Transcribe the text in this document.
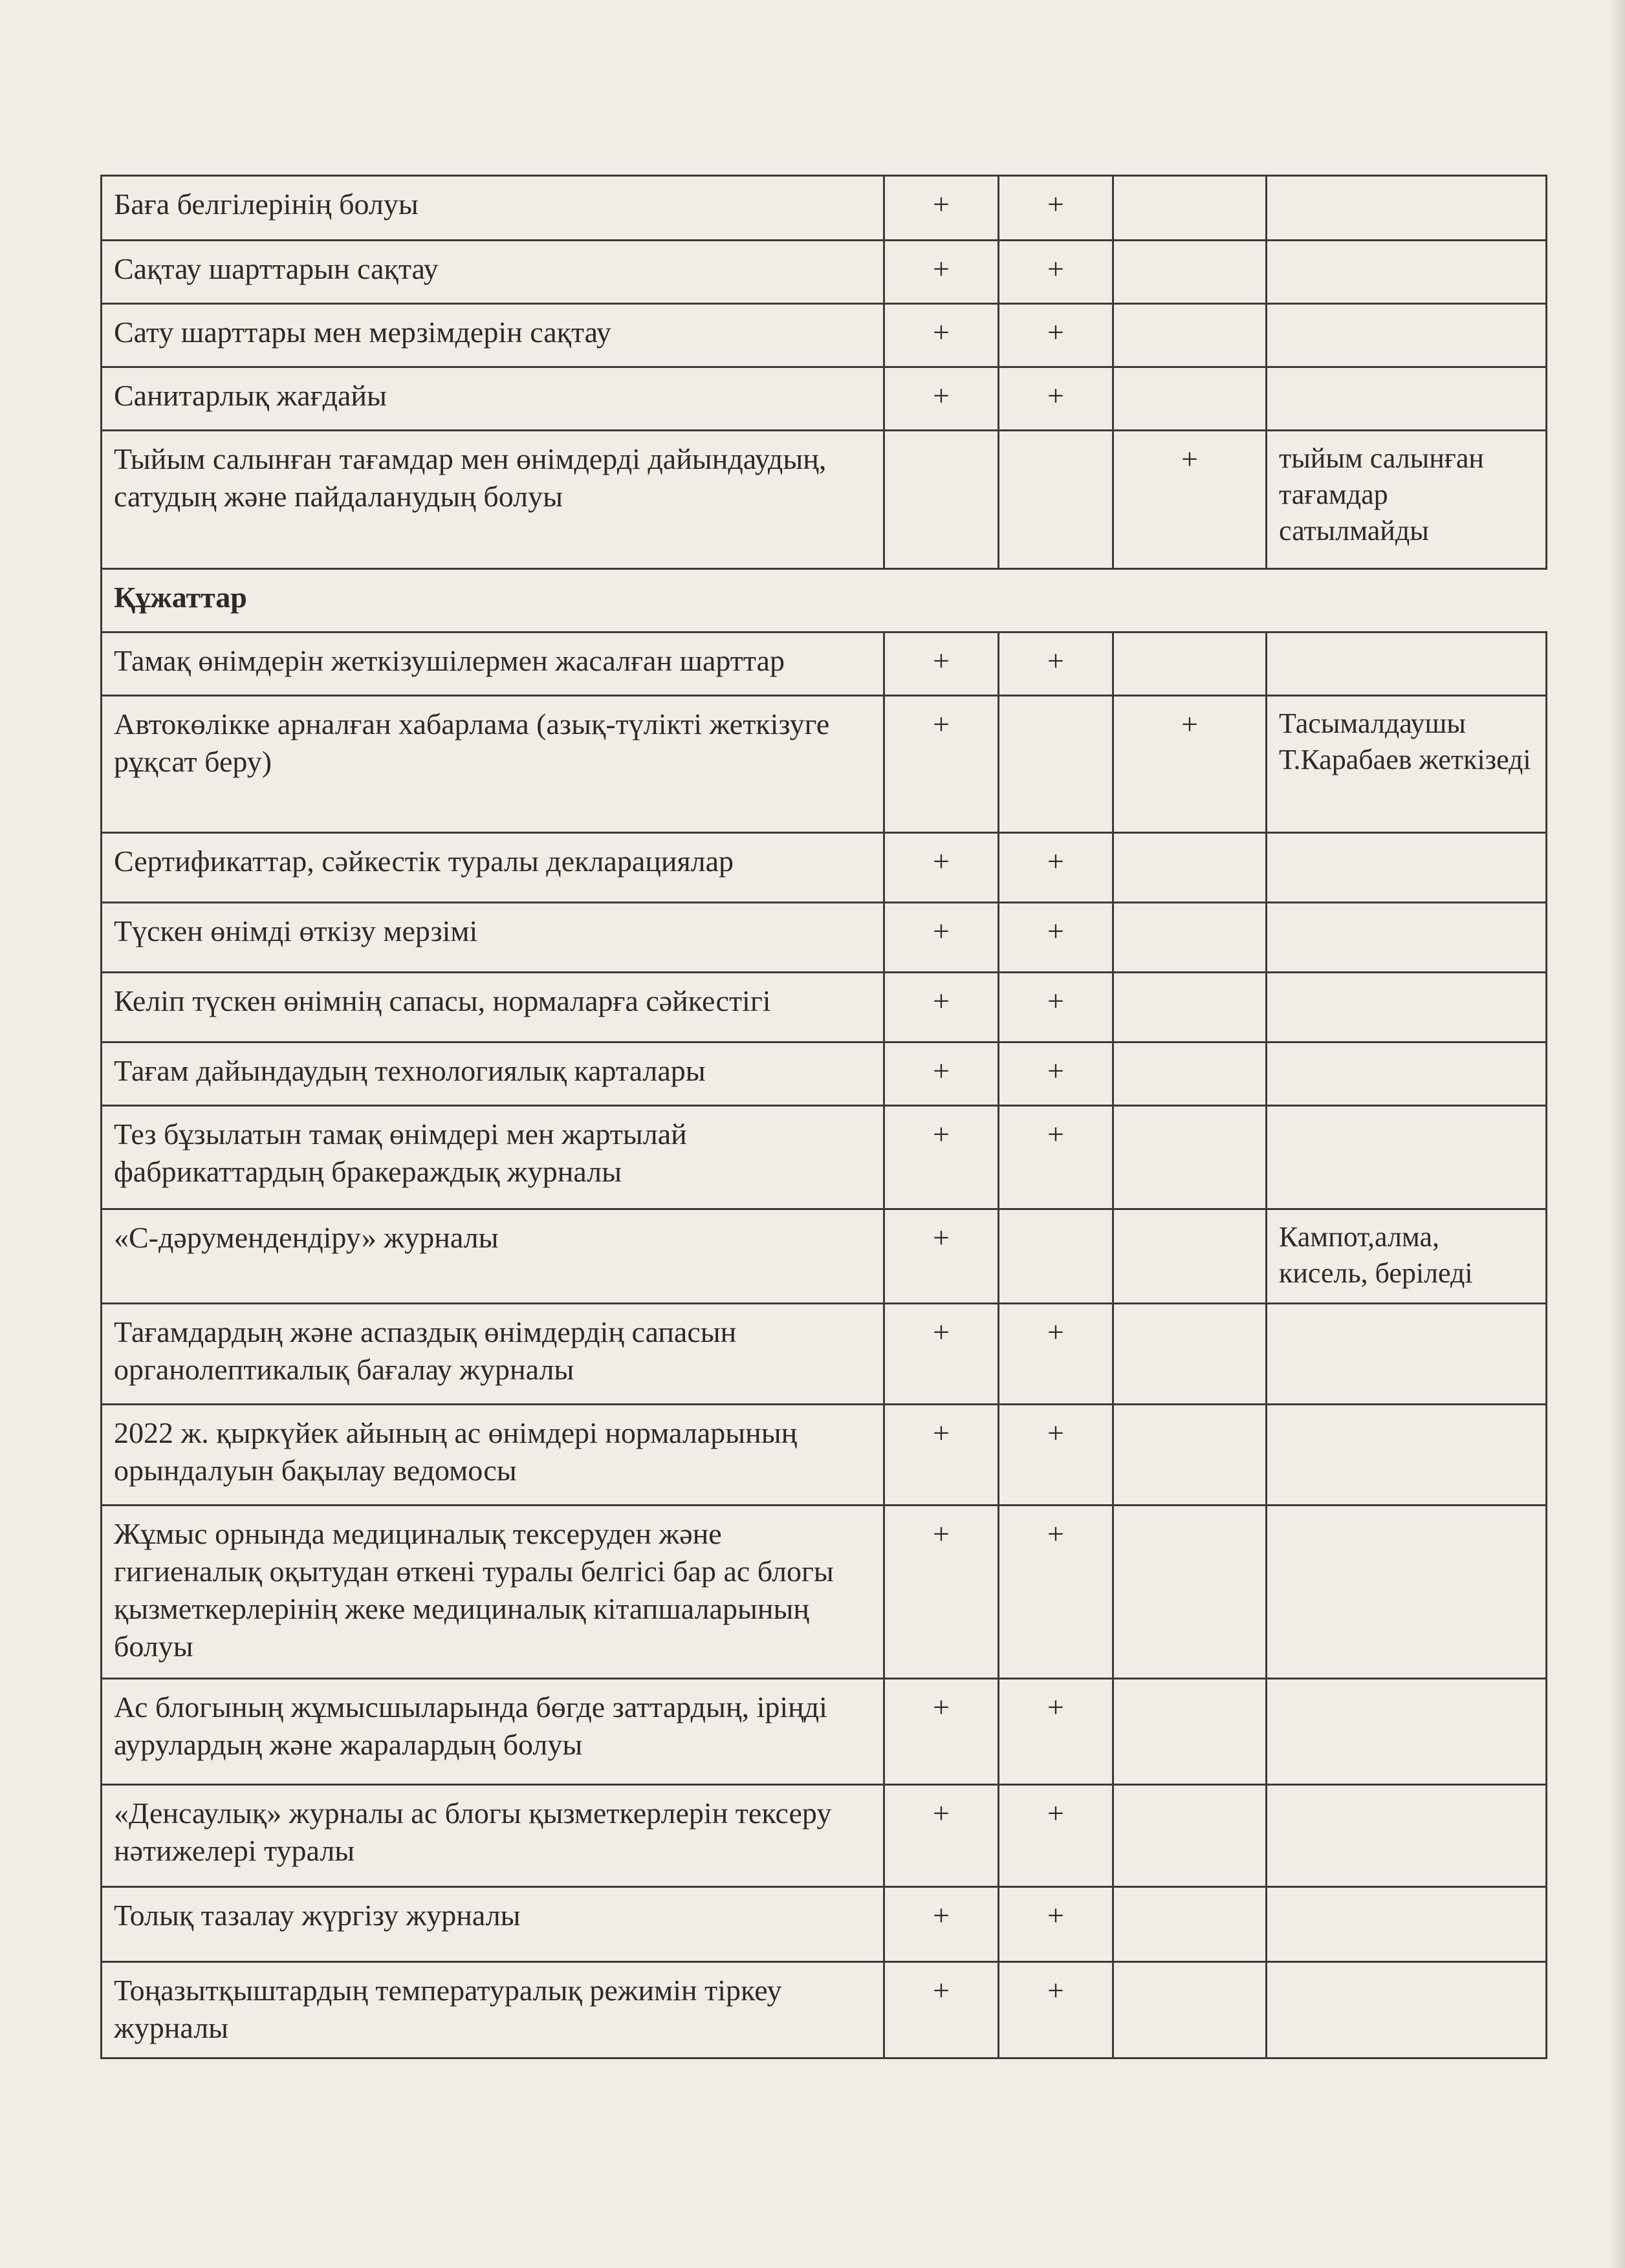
Баға белгілерінің болуы	+	+		
Сақтау шарттарын сақтау	+	+		
Сату шарттары мен мерзімдерін сақтау	+	+		
Санитарлық жағдайы	+	+		
Тыйым салынған тағамдар мен өнімдерді дайындаудың, сатудың және пайдаланудың болуы			+	тыйым салынған тағамдар сатылмайды
Құжаттар				
Тамақ өнімдерін жеткізушілермен жасалған шарттар	+	+		
Автокөлікке арналған хабарлама (азық-түлікті жеткізуге рұқсат беру)	+		+	Тасымалдаушы Т.Карабаев жеткізеді
Сертификаттар, сәйкестік туралы декларациялар	+	+		
Түскен өнімді өткізу мерзімі	+	+		
Келіп түскен өнімнің сапасы, нормаларға сәйкестігі	+	+		
Тағам дайындаудың технологиялық карталары	+	+		
Тез бұзылатын тамақ өнімдері мен жартылай фабрикаттардың бракераждық журналы	+	+		
«С-дәрумендендіру» журналы	+			Кампот,алма, кисель, беріледі
Тағамдардың және аспаздық өнімдердің сапасын органолептикалық бағалау журналы	+	+		
2022 ж. қыркүйек айының ас өнімдері нормаларының орындалуын бақылау ведомосы	+	+		
Жұмыс орнында медициналық тексеруден және гигиеналық оқытудан өткені туралы белгісі бар ас блогы қызметкерлерінің жеке медициналық кітапшаларының болуы	+	+		
Ас блогының жұмысшыларында бөгде заттардың, іріңді аурулардың және жаралардың болуы	+	+		
«Денсаулық» журналы ас блогы қызметкерлерін тексеру нәтижелері туралы	+	+		
Толық тазалау жүргізу журналы	+	+		
Тоңазытқыштардың температуралық режимін тіркеу журналы	+	+		
